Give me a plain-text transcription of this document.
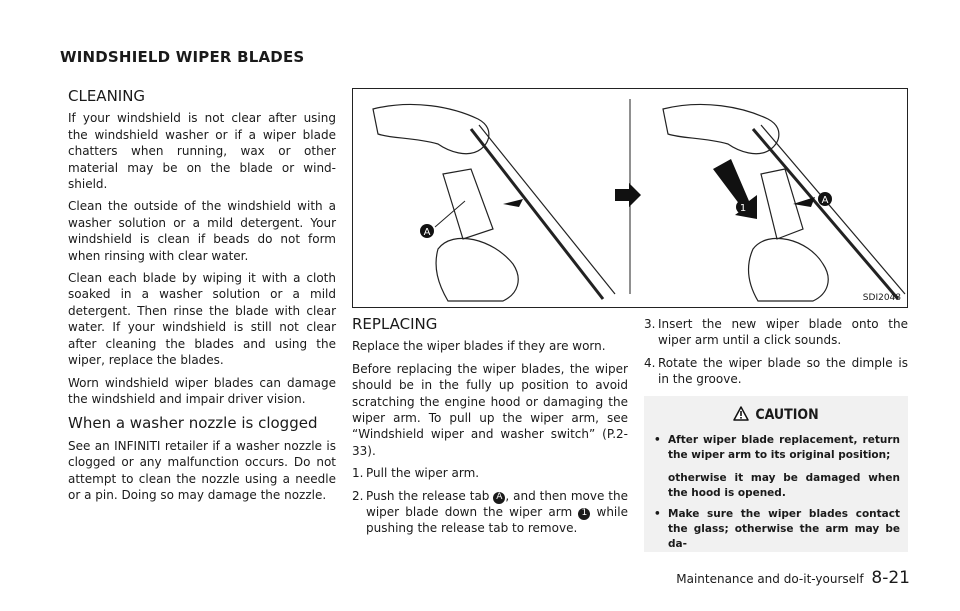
WINDSHIELD WIPER BLADES
CLEANING

If your windshield is not clear after using the windshield washer or if a wiper blade chatters when running, wax or other material may be on the blade or wind-shield.

Clean the outside of the windshield with a washer solution or a mild detergent. Your windshield is clean if beads do not form when rinsing with clear water.

Clean each blade by wiping it with a cloth soaked in a washer solution or a mild detergent. Then rinse the blade with clear water. If your windshield is still not clear after cleaning the blades and using the wiper, replace the blades.

Worn windshield wiper blades can damage the windshield and impair driver vision.

When a washer nozzle is clogged

See an INFINITI retailer if a washer nozzle is clogged or any malfunction occurs. Do not attempt to clean the nozzle using a needle or a pin. Doing so may damage the nozzle.

A
1
A
SDI2048
REPLACING

Replace the wiper blades if they are worn.

Before replacing the wiper blades, the wiper should be in the fully up position to avoid scratching the engine hood or damaging the wiper arm. To pull up the wiper arm, see “Windshield wiper and washer switch” (P.2-33).

1. Pull the wiper arm.
2. Push the release tab A , and then move the wiper blade down the wiper arm 1 while pushing the release tab to remove.
3. Insert the new wiper blade onto the wiper arm until a click sounds.
4. Rotate the wiper blade so the dimple is in the groove.
CAUTION
• After wiper blade replacement, return the wiper arm to its original position;
otherwise it may be damaged when the hood is opened.
• Make sure the wiper blades contact the glass; otherwise the arm may be da-
Maintenance and do-it-yourself 8-21
